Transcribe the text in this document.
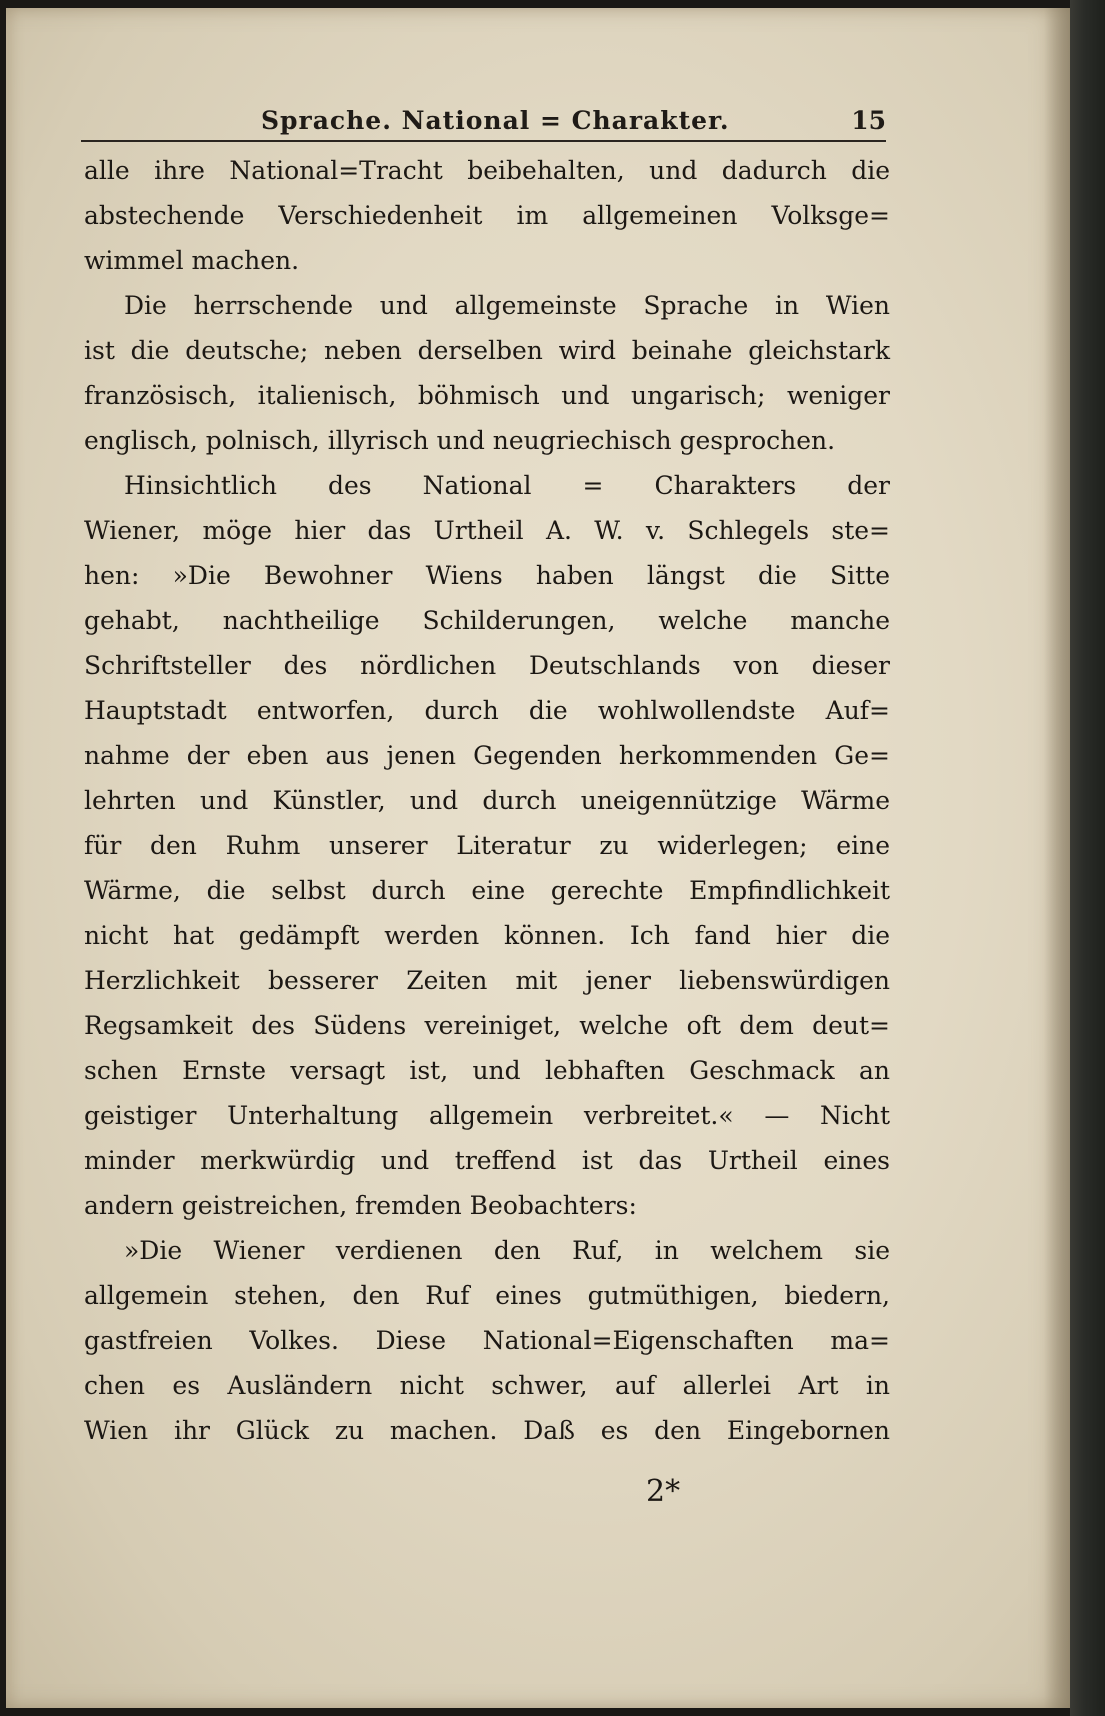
Sprache. National = Charakter.	15
alle ihre National=Tracht beibehalten, und dadurch die
abstechende Verschiedenheit im allgemeinen Volksge=
wimmel machen.
Die herrschende und allgemeinste Sprache in Wien
ist die deutsche; neben derselben wird beinahe gleichstark
französisch, italienisch, böhmisch und ungarisch; weniger
englisch, polnisch, illyrisch und neugriechisch gesprochen.
Hinsichtlich des National = Charakters der
Wiener, möge hier das Urtheil A. W. v. Schlegels ste=
hen: »Die Bewohner Wiens haben längst die Sitte
gehabt, nachtheilige Schilderungen, welche manche
Schriftsteller des nördlichen Deutschlands von dieser
Hauptstadt entworfen, durch die wohlwollendste Auf=
nahme der eben aus jenen Gegenden herkommenden Ge=
lehrten und Künstler, und durch uneigennützige Wärme
für den Ruhm unserer Literatur zu widerlegen; eine
Wärme, die selbst durch eine gerechte Empfindlichkeit
nicht hat gedämpft werden können. Ich fand hier die
Herzlichkeit besserer Zeiten mit jener liebenswürdigen
Regsamkeit des Südens vereiniget, welche oft dem deut=
schen Ernste versagt ist, und lebhaften Geschmack an
geistiger Unterhaltung allgemein verbreitet.« — Nicht
minder merkwürdig und treffend ist das Urtheil eines
andern geistreichen, fremden Beobachters:
»Die Wiener verdienen den Ruf, in welchem sie
allgemein stehen, den Ruf eines gutmüthigen, biedern,
gastfreien Volkes. Diese National=Eigenschaften ma=
chen es Ausländern nicht schwer, auf allerlei Art in
Wien ihr Glück zu machen. Daß es den Eingebornen
2*
